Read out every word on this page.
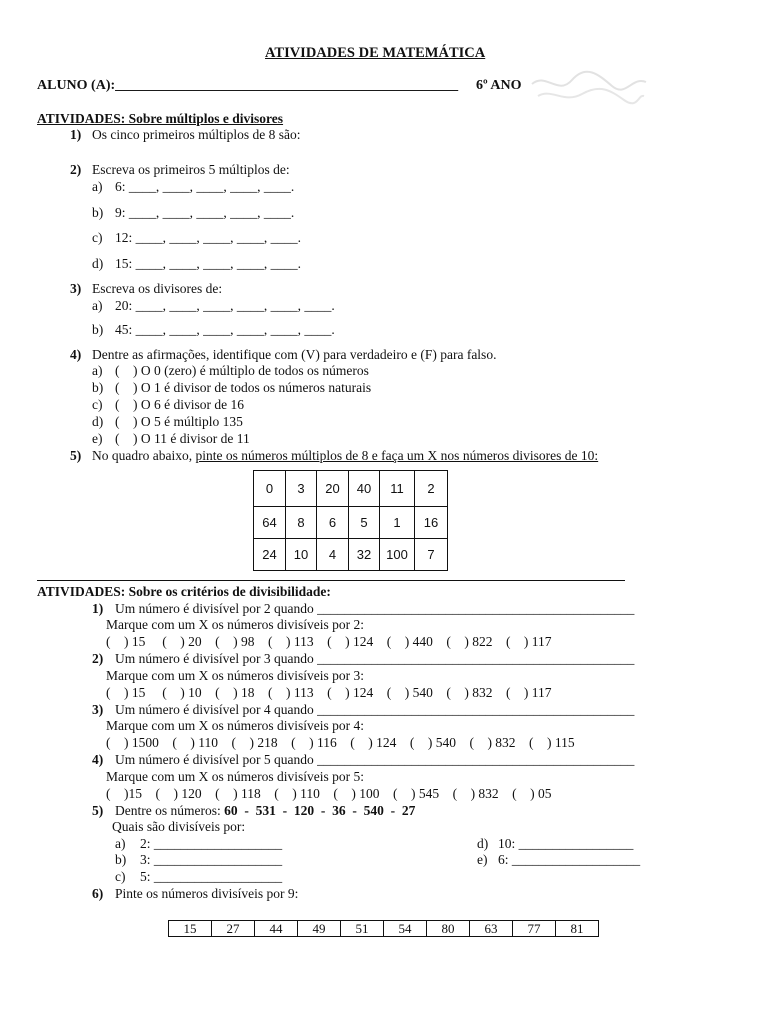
ATIVIDADES DE MATEMÁTICA
ALUNO (A):_________________________________________________ 6º ANO
ATIVIDADES: Sobre múltiplos e divisores
1) Os cinco primeiros múltiplos de 8 são:
2) Escreva os primeiros 5 múltiplos de:
a) 6: ____, ____, ____, ____, ____.
b) 9: ____, ____, ____, ____, ____.
c) 12: ____, ____, ____, ____, ____.
d) 15: ____, ____, ____, ____, ____.
3) Escreva os divisores de:
a) 20: ____, ____, ____, ____, ____, ____.
b) 45: ____, ____, ____, ____, ____, ____.
4) Dentre as afirmações, identifique com (V) para verdadeiro e (F) para falso.
a) (    ) O 0 (zero) é múltiplo de todos os números
b) (    ) O 1 é divisor de todos os números naturais
c) (    ) O 6 é divisor de 16
d) (    ) O 5 é múltiplo 135
e) (    ) O 11 é divisor de 11
5) No quadro abaixo, pinte os números múltiplos de 8 e faça um X nos números divisores de 10:
0	3	20	40	11	2
64	8	6	5	1	16
24	10	4	32	100	7
ATIVIDADES: Sobre os critérios de divisibilidade:
1) Um número é divisível por 2 quando _______________________________________________
Marque com um X os números divisíveis por 2:
(    ) 15     (    ) 20    (    ) 98    (    ) 113    (    ) 124    (    ) 440    (    ) 822    (    ) 117
2) Um número é divisível por 3 quando _______________________________________________
Marque com um X os números divisíveis por 3:
(    ) 15     (    ) 10    (    ) 18    (    ) 113    (    ) 124    (    ) 540    (    ) 832    (    ) 117
3) Um número é divisível por 4 quando _______________________________________________
Marque com um X os números divisíveis por 4:
(    ) 1500    (    ) 110    (    ) 218    (    ) 116    (    ) 124    (    ) 540    (    ) 832    (    ) 115
4) Um número é divisível por 5 quando _______________________________________________
Marque com um X os números divisíveis por 5:
(    )15    (    ) 120    (    ) 118    (    ) 110    (    ) 100    (    ) 545    (    ) 832    (    ) 05
5) Dentre os números: 60  -  531  -  120  -  36  -  540  -  27
Quais são divisíveis por:
a) 2: ___________________
b) 3: ___________________
c) 5: ___________________
d) 10: _________________
e) 6: ___________________
6) Pinte os números divisíveis por 9:
15	27	44	49	51	54	80	63	77	81
